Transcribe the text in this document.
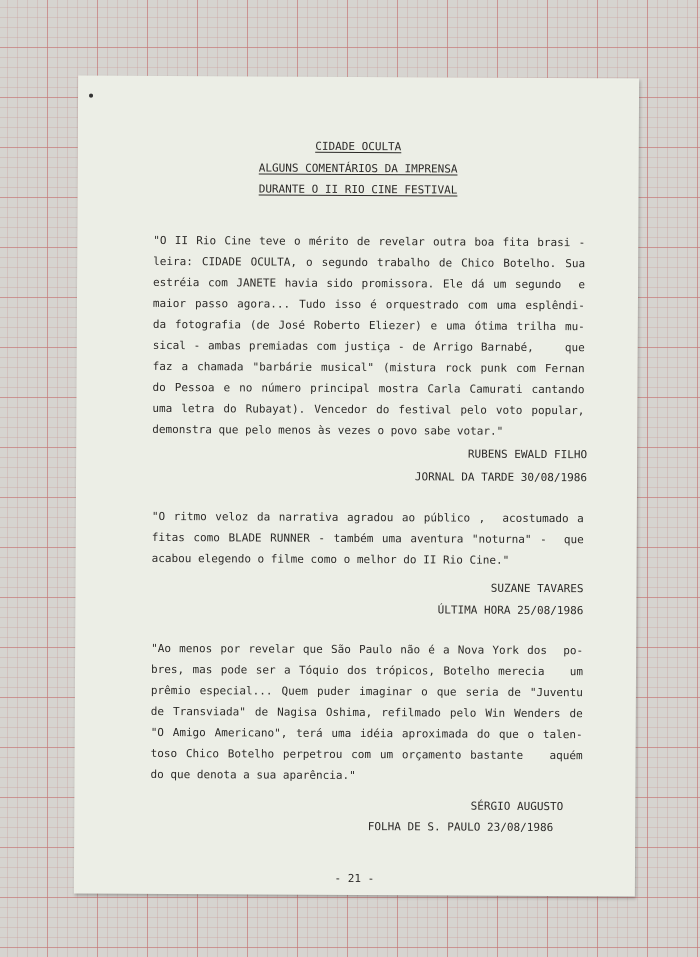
CIDADE OCULTA
ALGUNS COMENTÁRIOS DA IMPRENSA
DURANTE O II RIO CINE FESTIVAL
"O II Rio Cine teve o mérito de revelar outra boa fita brasi -
leira: CIDADE OCULTA, o segundo trabalho de Chico Botelho. Sua
estréia com JANETE havia sido promissora. Ele dá um segundo  e
maior passo agora... Tudo isso é orquestrado com uma esplêndi-
da fotografia (de José Roberto Eliezer) e uma ótima trilha mu-
sical - ambas premiadas com justiça - de Arrigo Barnabé,    que
faz a chamada "barbárie musical" (mistura rock punk com Fernan
do Pessoa e no número principal mostra Carla Camurati cantando
uma letra do Rubayat). Vencedor do festival pelo voto popular,
demonstra que pelo menos às vezes o povo sabe votar."
RUBENS EWALD FILHO
JORNAL DA TARDE 30/08/1986
"O ritmo veloz da narrativa agradou ao público ,  acostumado a
fitas como BLADE RUNNER - também uma aventura "noturna" -  que
acabou elegendo o filme como o melhor do II Rio Cine."
SUZANE TAVARES
ÚLTIMA HORA 25/08/1986
"Ao menos por revelar que São Paulo não é a Nova York dos  po-
bres, mas pode ser a Tóquio dos trópicos, Botelho merecia   um
prêmio especial... Quem puder imaginar o que seria de "Juventu
de Transviada" de Nagisa Oshima, refilmado pelo Win Wenders de
"O Amigo Americano", terá uma idéia aproximada do que o talen-
toso Chico Botelho perpetrou com um orçamento bastante   aquém
do que denota a sua aparência."
SÉRGIO AUGUSTO
FOLHA DE S. PAULO 23/08/1986
- 21 -
